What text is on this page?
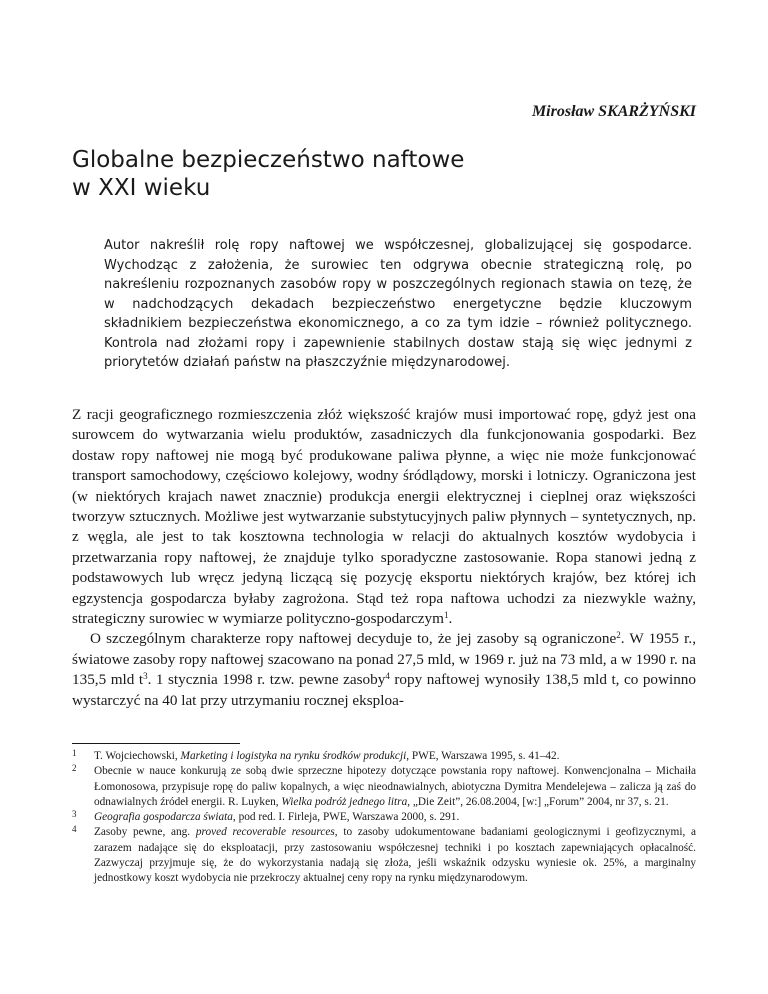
Mirosław SKARŻYŃSKI
Globalne bezpieczeństwo naftowe
w XXI wieku

Autor nakreślił rolę ropy naftowej we współczesnej, globalizującej się gospodarce. Wychodząc z założenia, że surowiec ten odgrywa obecnie strategiczną rolę, po nakreśleniu rozpoznanych zasobów ropy w poszczególnych regionach stawia on tezę, że w nadchodzących dekadach bezpieczeństwo energetyczne będzie kluczowym składnikiem bezpieczeństwa ekonomicznego, a co za tym idzie – również politycznego. Kontrola nad złożami ropy i zapewnienie stabilnych dostaw stają się więc jednymi z priorytetów działań państw na płaszczyźnie międzynarodowej.

Z racji geograficznego rozmieszczenia złóż większość krajów musi importować ropę, gdyż jest ona surowcem do wytwarzania wielu produktów, zasadniczych dla funkcjonowania gospodarki. Bez dostaw ropy naftowej nie mogą być produkowane paliwa płynne, a więc nie może funkcjonować transport samochodowy, częściowo kolejowy, wodny śródlądowy, morski i lotniczy. Ograniczona jest (w niektórych krajach nawet znacznie) produkcja energii elektrycznej i cieplnej oraz większości tworzyw sztucznych. Możliwe jest wytwarzanie substytucyjnych paliw płynnych – syntetycznych, np. z węgla, ale jest to tak kosztowna technologia w relacji do aktualnych kosztów wydobycia i przetwarzania ropy naftowej, że znajduje tylko sporadyczne zastosowanie. Ropa stanowi jedną z podstawowych lub wręcz jedyną liczącą się pozycję eksportu niektórych krajów, bez której ich egzystencja gospodarcza byłaby zagrożona. Stąd też ropa naftowa uchodzi za niezwykle ważny, strategiczny surowiec w wymiarze polityczno-gospodarczym$^1$.

O szczególnym charakterze ropy naftowej decyduje to, że jej zasoby są ograniczone$^2$. W 1955 r., światowe zasoby ropy naftowej szacowano na ponad 27,5 mld, w 1969 r. już na 73 mld, a w 1990 r. na 135,5 mld $t^3$. 1 stycznia 1998 r. tzw. pewne zasoby$^4$ ropy naftowej wynosiły 138,5 mld t, co powinno wystarczyć na 40 lat przy utrzymaniu rocznej eksploa-

1 T. Wojciechowski, Marketing i logistyka na rynku środków produkcji, PWE, Warszawa 1995, s. 41–42.

2 Obecnie w nauce konkurują ze sobą dwie sprzeczne hipotezy dotyczące powstania ropy naftowej. Konwencjonalna – Michaiła Łomonosowa, przypisuje ropę do paliw kopalnych, a więc nieodnawialnych, abiotyczna Dymitra Mendelejewa – zalicza ją zaś do odnawialnych źródeł energii. R. Luyken, Wielka podróż jednego litra, „Die Zeit”, 26.08.2004, [w:] „Forum” 2004, nr 37, s. 21.

3 Geografia gospodarcza świata, pod red. I. Firleja, PWE, Warszawa 2000, s. 291.

4 Zasoby pewne, ang. proved recoverable resources, to zasoby udokumentowane badaniami geologicznymi i geofizycznymi, a zarazem nadające się do eksploatacji, przy zastosowaniu współczesnej techniki i po kosztach zapewniających opłacalność. Zazwyczaj przyjmuje się, że do wykorzystania nadają się złoża, jeśli wskaźnik odzysku wyniesie ok. 25%, a marginalny jednostkowy koszt wydobycia nie przekroczy aktualnej ceny ropy na rynku międzynarodowym.
